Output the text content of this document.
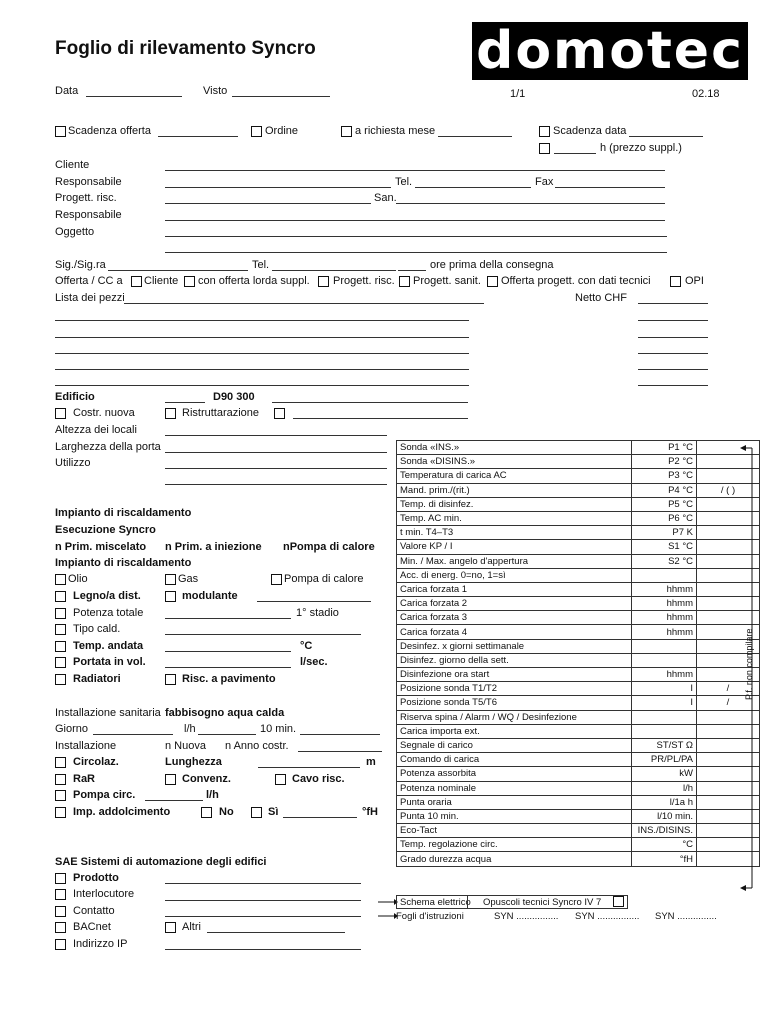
Foglio di rilevamento Syncro	domotec
Data	Visto	1/1	02.18
Scadenza offerta	Ordine	a richiesta mese	Scadenza data
h (prezzo suppl.)
Cliente
Responsabile	Tel.	Fax
Progett. risc.	San.
Responsabile
Oggetto
Sig./Sig.ra	Tel.	ore prima della consegna
Offerta / CC a Cliente con offerta lorda suppl. Progett. risc. Progett. sanit. Offerta progett. con dati tecnici	OPI
Lista dei pezzi	Netto CHF
Edificio	D90 300
Costr. nuova	Ristruttarazione
Altezza dei locali
Larghezza della porta
Utilizzo
Impianto di riscaldamento
Esecuzione Syncro
n Prim. miscelato n Prim. a iniezione nPompa di calore
Impianto di riscaldamento
Olio	Gas	Pompa di calore
Legno/a dist.	modulante
Potenza totale	1° stadio
Tipo cald.
Temp. andata	°C
Portata in vol.	l/sec.
Radiatori	Risc. a pavimento
Installazione sanitaria fabbisogno aqua calda
Giorno	l/h	10 min.
Installazione	n Nuova n Anno costr.
Circolaz.	Lunghezza	m
RaR	Convenz.	Cavo risc.
Pompa circ.	l/h
Imp. addolcimento	No	Sì	°fH
SAE Sistemi di automazione degli edifici
Prodotto
Interlocutore
Contatto
BACnet	Altri
Indirizzo IP
Sonda «INS.»	P1 °C	
Sonda «DISINS.»	P2 °C	
Temperatura di carica AC	P3 °C	
Mand. prim./(rit.)	P4 °C	/ ( )
Temp. di disinfez.	P5 °C	
Temp. AC min.	P6 °C	
t min. T4–T3	P7 K	
Valore KP / I	S1 °C	
Min. / Max. angelo d'appertura	S2 °C	
Acc. di energ. 0=no, 1=sì		
Carica forzata 1	hhmm	
Carica forzata 2	hhmm	
Carica forzata 3	hhmm	
Carica forzata 4	hhmm	
Desinfez. x giorni settimanale		
Disinfez. giorno della sett.		
Disinfezione ora start	hhmm	
Posizione sonda T1/T2	I	/
Posizione sonda T5/T6	I	/
Riserva spina / Alarm / WQ / Desinfezione		
Carica importa ext.		
Segnale di carico	ST/ST Ω	
Comando di carica	PR/PL/PA	
Potenza assorbita	kW	
Potenza nominale	l/h	
Punta oraria	l/1a h	
Punta 10 min.	l/10 min.	
Eco-Tact	INS./DISINS.	
Temp. regolazione circ.	°C	
Grado durezza acqua	°fH	
Schema elettrico Opuscoli tecnici Syncro IV 7
Fogli d'istruzioni	SYN ................ SYN ................ SYN ...............
P.f. non compilare
